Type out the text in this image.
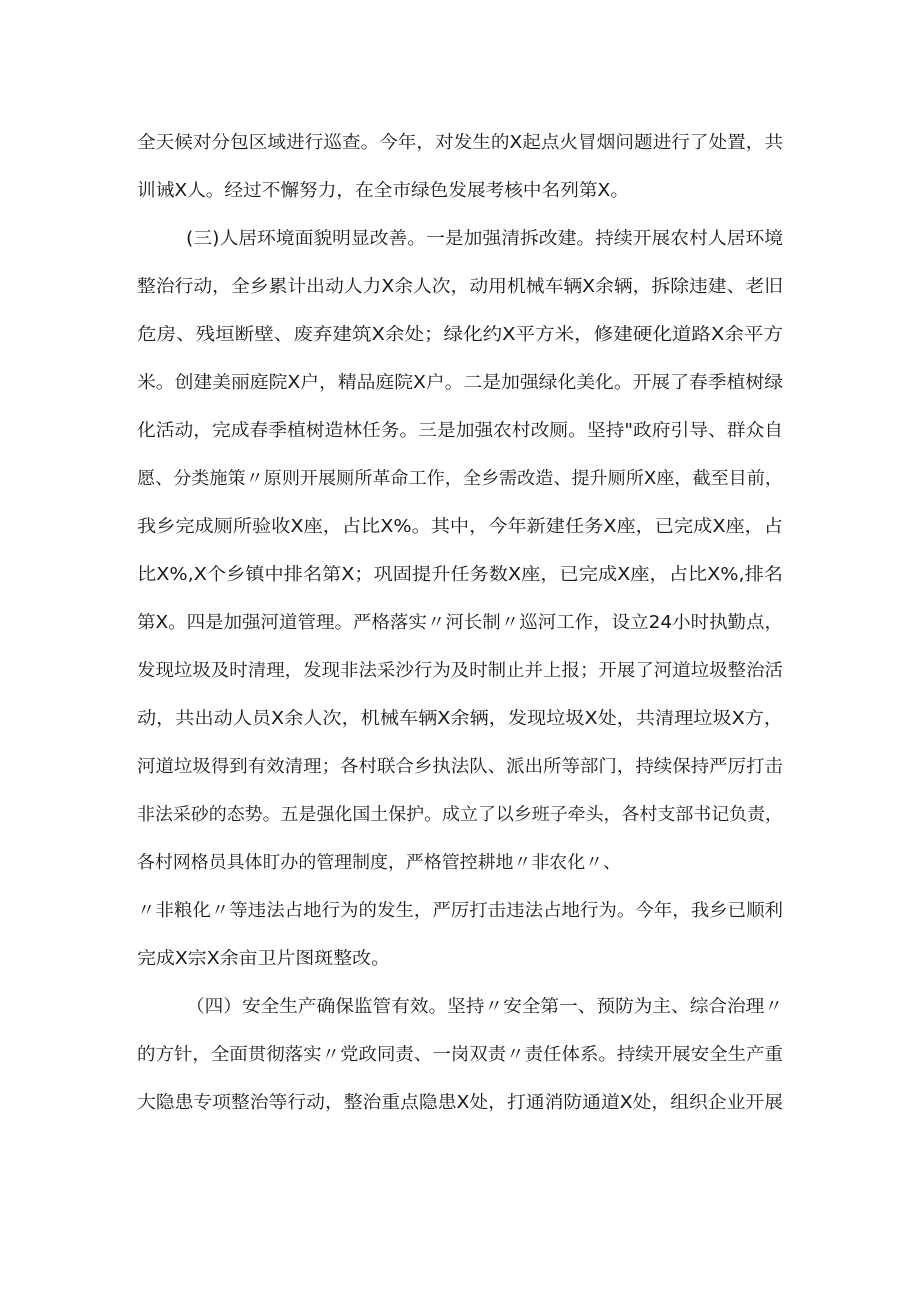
全天候对分包区域进行巡查。今年，对发生的X起点火冒烟问题进行了处置，共
训诫X人。经过不懈努力，在全市绿色发展考核中名列第X。
(三)人居环境面貌明显改善。一是加强清拆改建。持续开展农村人居环境
整治行动，全乡累计出动人力X余人次，动用机械车辆X余辆，拆除违建、老旧
危房、残垣断壁、废弃建筑X余处；绿化约X平方米，修建硬化道路X余平方
米。创建美丽庭院X户，精品庭院X户。二是加强绿化美化。开展了春季植树绿
化活动，完成春季植树造林任务。三是加强农村改厕。坚持"政府引导、群众自
愿、分类施策〃原则开展厕所革命工作，全乡需改造、提升厕所X座，截至目前，
我乡完成厕所验收X座，占比X%。其中，今年新建任务X座，已完成X座，占
比X%,X个乡镇中排名第X；巩固提升任务数X座，已完成X座，占比X%,排名
第X。四是加强河道管理。严格落实〃河长制〃巡河工作，设立24小时执勤点，
发现垃圾及时清理，发现非法采沙行为及时制止并上报；开展了河道垃圾整治活
动，共出动人员X余人次，机械车辆X余辆，发现垃圾X处，共清理垃圾X方，
河道垃圾得到有效清理；各村联合乡执法队、派出所等部门，持续保持严厉打击
非法采砂的态势。五是强化国土保护。成立了以乡班子牵头，各村支部书记负责，
各村网格员具体盯办的管理制度，严格管控耕地〃非农化〃、
〃非粮化〃等违法占地行为的发生，严厉打击违法占地行为。今年，我乡已顺利
完成X宗X余亩卫片图斑整改。
（四）安全生产确保监管有效。坚持〃安全第一、预防为主、综合治理〃
的方针，全面贯彻落实〃党政同责、一岗双责〃责任体系。持续开展安全生产重
大隐患专项整治等行动，整治重点隐患X处，打通消防通道X处，组织企业开展
